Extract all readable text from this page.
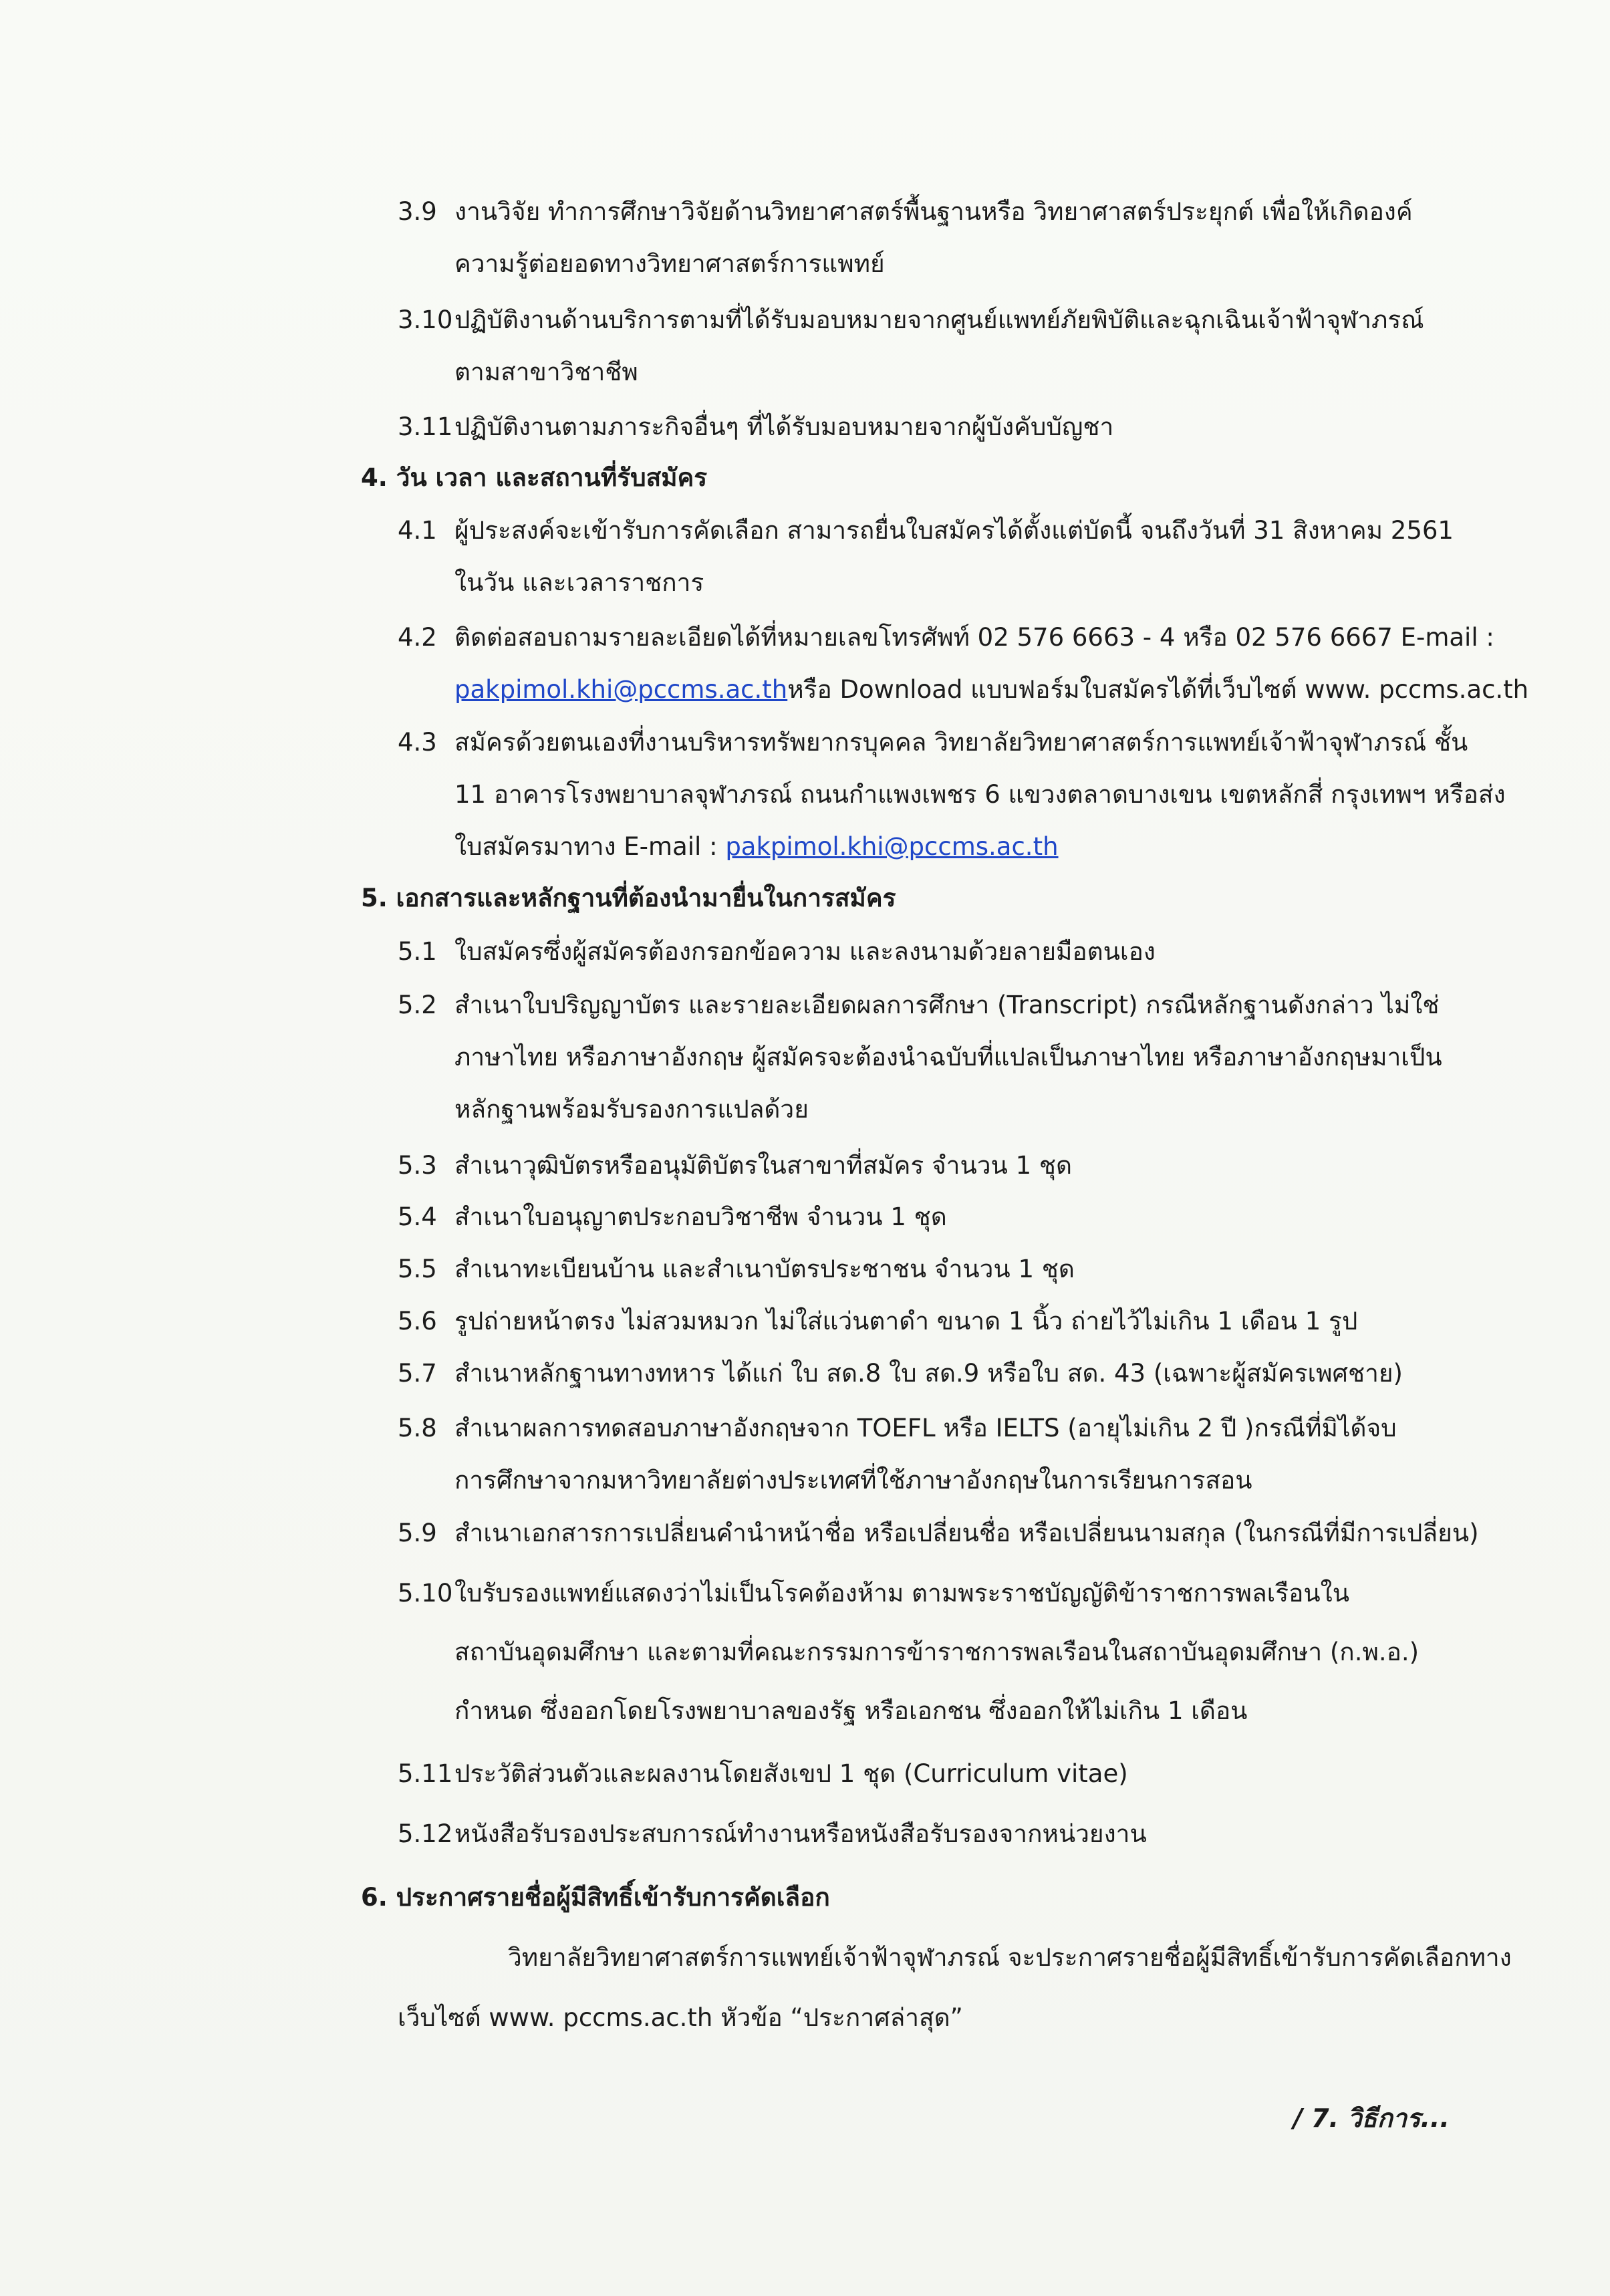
3.9 งานวิจัย ทำการศึกษาวิจัยด้านวิทยาศาสตร์พื้นฐานหรือ วิทยาศาสตร์ประยุกต์ เพื่อให้เกิดองค์
ความรู้ต่อยอดทางวิทยาศาสตร์การแพทย์
3.10 ปฏิบัติงานด้านบริการตามที่ได้รับมอบหมายจากศูนย์แพทย์ภัยพิบัติและฉุกเฉินเจ้าฟ้าจุฬาภรณ์
ตามสาขาวิชาชีพ
3.11 ปฏิบัติงานตามภาระกิจอื่นๆ ที่ได้รับมอบหมายจากผู้บังคับบัญชา
4. วัน เวลา และสถานที่รับสมัคร
4.1 ผู้ประสงค์จะเข้ารับการคัดเลือก สามารถยื่นใบสมัครได้ตั้งแต่บัดนี้ จนถึงวันที่ 31 สิงหาคม 2561
ในวัน และเวลาราชการ
4.2 ติดต่อสอบถามรายละเอียดได้ที่หมายเลขโทรศัพท์ 02 576 6663 - 4 หรือ 02 576 6667 E-mail :
pakpimol.khi@pccms.ac.thหรือ Download แบบฟอร์มใบสมัครได้ที่เว็บไซต์ www. pccms.ac.th
4.3 สมัครด้วยตนเองที่งานบริหารทรัพยากรบุคคล วิทยาลัยวิทยาศาสตร์การแพทย์เจ้าฟ้าจุฬาภรณ์ ชั้น
11 อาคารโรงพยาบาลจุฬาภรณ์ ถนนกำแพงเพชร 6 แขวงตลาดบางเขน เขตหลักสี่ กรุงเทพฯ หรือส่ง
ใบสมัครมาทาง E-mail : pakpimol.khi@pccms.ac.th
5. เอกสารและหลักฐานที่ต้องนำมายื่นในการสมัคร
5.1 ใบสมัครซึ่งผู้สมัครต้องกรอกข้อความ และลงนามด้วยลายมือตนเอง
5.2 สำเนาใบปริญญาบัตร และรายละเอียดผลการศึกษา (Transcript) กรณีหลักฐานดังกล่าว ไม่ใช่
ภาษาไทย หรือภาษาอังกฤษ ผู้สมัครจะต้องนำฉบับที่แปลเป็นภาษาไทย หรือภาษาอังกฤษมาเป็น
หลักฐานพร้อมรับรองการแปลด้วย
5.3 สำเนาวุฒิบัตรหรืออนุมัติบัตรในสาขาที่สมัคร จำนวน 1 ชุด
5.4 สำเนาใบอนุญาตประกอบวิชาชีพ จำนวน 1 ชุด
5.5 สำเนาทะเบียนบ้าน และสำเนาบัตรประชาชน จำนวน 1 ชุด
5.6 รูปถ่ายหน้าตรง ไม่สวมหมวก ไม่ใส่แว่นตาดำ ขนาด 1 นิ้ว ถ่ายไว้ไม่เกิน 1 เดือน 1 รูป
5.7 สำเนาหลักฐานทางทหาร ได้แก่ ใบ สด.8 ใบ สด.9 หรือใบ สด. 43 (เฉพาะผู้สมัครเพศชาย)
5.8 สำเนาผลการทดสอบภาษาอังกฤษจาก TOEFL หรือ IELTS (อายุไม่เกิน 2 ปี )กรณีที่มิได้จบ
การศึกษาจากมหาวิทยาลัยต่างประเทศที่ใช้ภาษาอังกฤษในการเรียนการสอน
5.9 สำเนาเอกสารการเปลี่ยนคำนำหน้าชื่อ หรือเปลี่ยนชื่อ หรือเปลี่ยนนามสกุล (ในกรณีที่มีการเปลี่ยน)
5.10 ใบรับรองแพทย์แสดงว่าไม่เป็นโรคต้องห้าม ตามพระราชบัญญัติข้าราชการพลเรือนใน
สถาบันอุดมศึกษา และตามที่คณะกรรมการข้าราชการพลเรือนในสถาบันอุดมศึกษา (ก.พ.อ.)
กำหนด ซึ่งออกโดยโรงพยาบาลของรัฐ หรือเอกชน ซึ่งออกให้ไม่เกิน 1 เดือน
5.11 ประวัติส่วนตัวและผลงานโดยสังเขป 1 ชุด (Curriculum vitae)
5.12 หนังสือรับรองประสบการณ์ทำงานหรือหนังสือรับรองจากหน่วยงาน
6. ประกาศรายชื่อผู้มีสิทธิ์เข้ารับการคัดเลือก
วิทยาลัยวิทยาศาสตร์การแพทย์เจ้าฟ้าจุฬาภรณ์ จะประกาศรายชื่อผู้มีสิทธิ์เข้ารับการคัดเลือกทาง
เว็บไซต์ www. pccms.ac.th หัวข้อ “ประกาศล่าสุด”
/ 7. วิธีการ...
